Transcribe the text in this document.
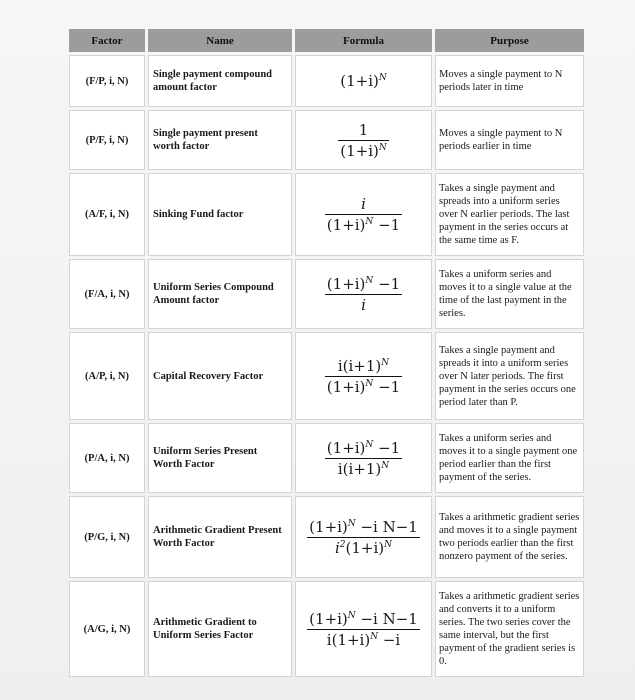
Factor	Name	Formula	Purpose
(F/P, i, N)	Single payment compound amount factor	$(1+i)^N$	Moves a single payment to N periods later in time
(P/F, i, N)	Single payment present worth factor	$\frac{1}{(1+i)^N}$	Moves a single payment to N periods earlier in time
(A/F, i, N)	Sinking Fund factor	$\frac{i}{(1+i)^N -1}$	Takes a single payment and spreads into a uniform series over N earlier periods. The last payment in the series occurs at the same time as F.
(F/A, i, N)	Uniform Series Compound Amount factor	$\frac{(1+i)^N -1}{i}$	Takes a uniform series and moves it to a single value at the time of the last payment in the series.
(A/P, i, N)	Capital Recovery Factor	$\frac{i(i+1)^N}{(1+i)^N -1}$	Takes a single payment and spreads it into a uniform series over N later periods. The first payment in the series occurs one period later than P.
(P/A, i, N)	Uniform Series Present Worth Factor	$\frac{(1+i)^N -1}{i(i+1)^N}$	Takes a uniform series and moves it to a single payment one period earlier than the first payment of the series.
(P/G, i, N)	Arithmetic Gradient Present Worth Factor	$\frac{(1+i)^N -i N-1}{i^2(1+i)^N}$	Takes a arithmetic gradient series and moves it to a single payment two periods earlier than the first nonzero payment of the series.
(A/G, i, N)	Arithmetic Gradient to Uniform Series Factor	$\frac{(1+i)^N -i N-1}{i(1+i)^N -i}$	Takes a arithmetic gradient series and converts it to a uniform series. The two series cover the same interval, but the first payment of the gradient series is 0.
